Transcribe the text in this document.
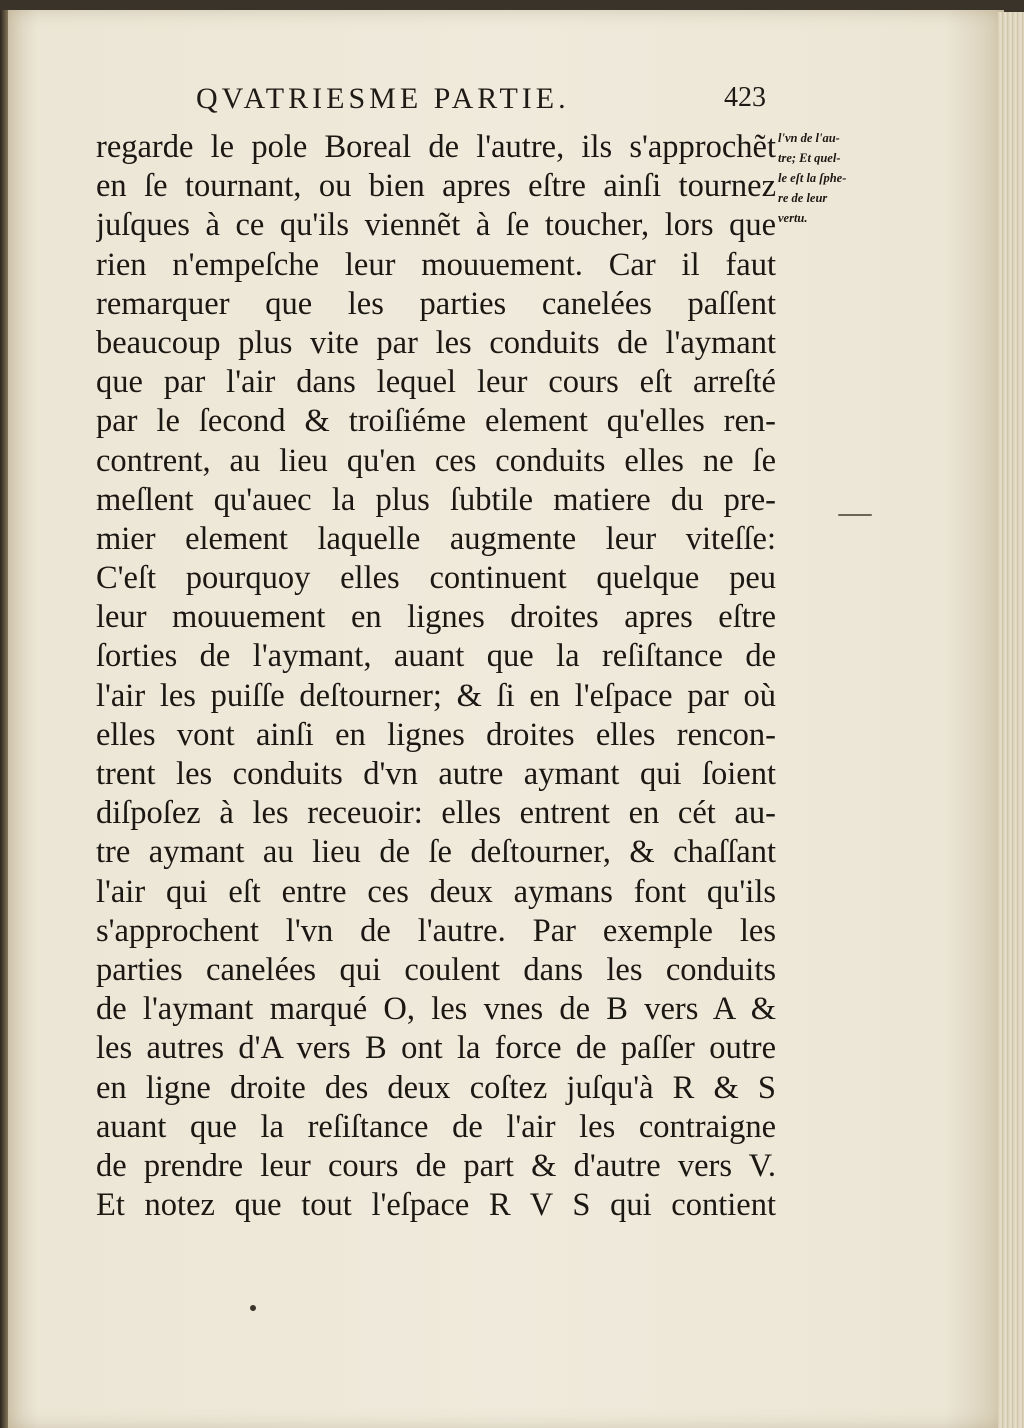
QVATRIESME PARTIE.	423
regarde le pole Boreal de l'autre, ils s'approchẽt
en ſe tournant, ou bien apres eſtre ainſi tournez
juſques à ce qu'ils viennẽt à ſe toucher, lors que
rien n'empeſche leur mouuement. Car il faut
remarquer que les parties canelées paſſent
beaucoup plus vite par les conduits de l'aymant
que par l'air dans lequel leur cours eſt arreſté
par le ſecond & troiſiéme element qu'elles ren-
contrent, au lieu qu'en ces conduits elles ne ſe
meſlent qu'auec la plus ſubtile matiere du pre-
mier element laquelle augmente leur viteſſe:
C'eſt pourquoy elles continuent quelque peu
leur mouuement en lignes droites apres eſtre
ſorties de l'aymant, auant que la reſiſtance de
l'air les puiſſe deſtourner; & ſi en l'eſpace par où
elles vont ainſi en lignes droites elles rencon-
trent les conduits d'vn autre aymant qui ſoient
diſpoſez à les receuoir: elles entrent en cét au-
tre aymant au lieu de ſe deſtourner, & chaſſant
l'air qui eſt entre ces deux aymans font qu'ils
s'approchent l'vn de l'autre. Par exemple les
parties canelées qui coulent dans les conduits
de l'aymant marqué O, les vnes de B vers A &
les autres d'A vers B ont la force de paſſer outre
en ligne droite des deux coſtez juſqu'à R & S
auant que la reſiſtance de l'air les contraigne
de prendre leur cours de part & d'autre vers V.
Et notez que tout l'eſpace R V S qui contient
l'vn de l'au-
tre; Et quel-
le eſt la ſphe-
re de leur
vertu.
